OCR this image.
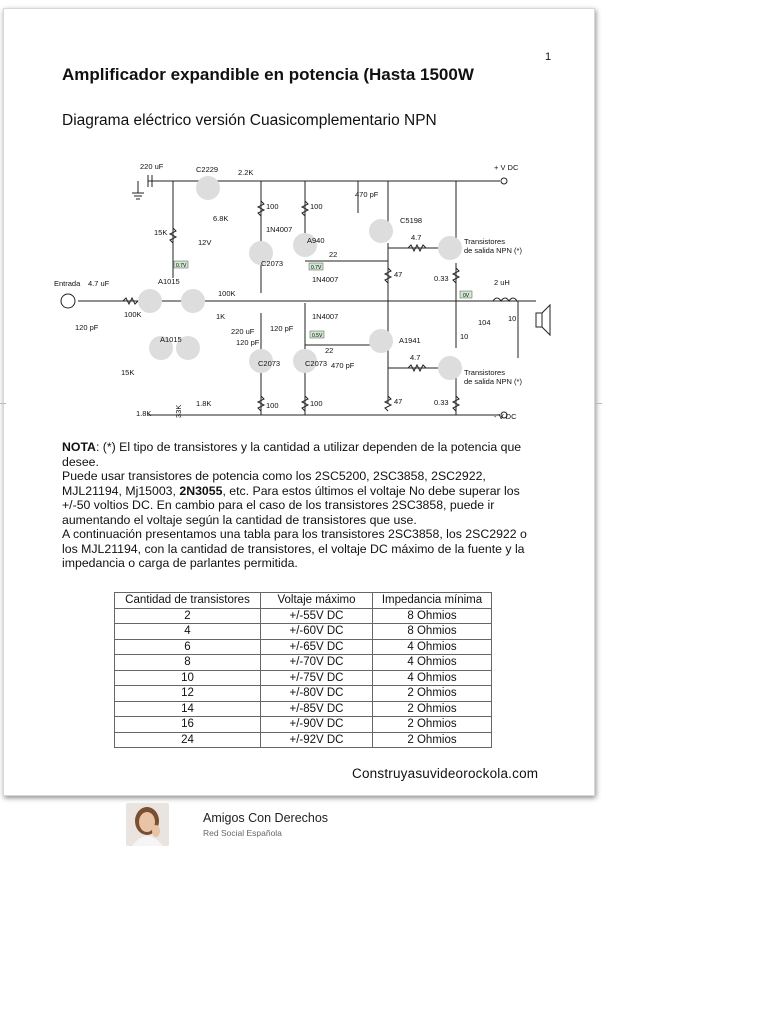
1
Amplificador expandible en potencia (Hasta 1500W
Diagrama eléctrico versión Cuasicomplementario NPN
220 uF	C2229	2.2K
6.8K
12V
100	100
470 pF
C5198
1N4007
15K
C2073
A940	4.7	Transistores
de salida NPN (*)
22
1N4007
47	0.33	2 uH
10
Entrada 4.7 uF	A1015
100K
100K
1K
120 pF	220 uF
120 pF
120 pF
1N4007
A1941
4.7
104
10
A1015
C2073	C2073
22
470 pF
15K
1.8K	33K
1.8K	100	100	47	0.33
Transistores
de salida NPN (*)
+ V DC
- V DC
0.7V	0.7V
0.5V
0V

NOTA: (*) El tipo de transistores y la cantidad a utilizar dependen de la potencia que desee.

Puede usar transistores de potencia como los 2SC5200, 2SC3858, 2SC2922, MJL21194, Mj15003, 2N3055, etc. Para estos últimos el voltaje No debe superar los +/-50 voltios DC. En cambio para el caso de los transistores 2SC3858, puede ir aumentando el voltaje según la cantidad de transistores que use.

A continuación presentamos una tabla para los transistores 2SC3858, los 2SC2922 o los MJL21194, con la cantidad de transistores, el voltaje DC máximo de la fuente y la impedancia o carga de parlantes permitida.

Cantidad de transistores	Voltaje máximo	Impedancia mínima
2	+/-55V DC	8 Ohmios
4	+/-60V DC	8 Ohmios
6	+/-65V DC	4 Ohmios
8	+/-70V DC	4 Ohmios
10	+/-75V DC	4 Ohmios
12	+/-80V DC	2 Ohmios
14	+/-85V DC	2 Ohmios
16	+/-90V DC	2 Ohmios
24	+/-92V DC	2 Ohmios
Construyasuvideorockola.com
Amigos Con Derechos
Red Social Española
